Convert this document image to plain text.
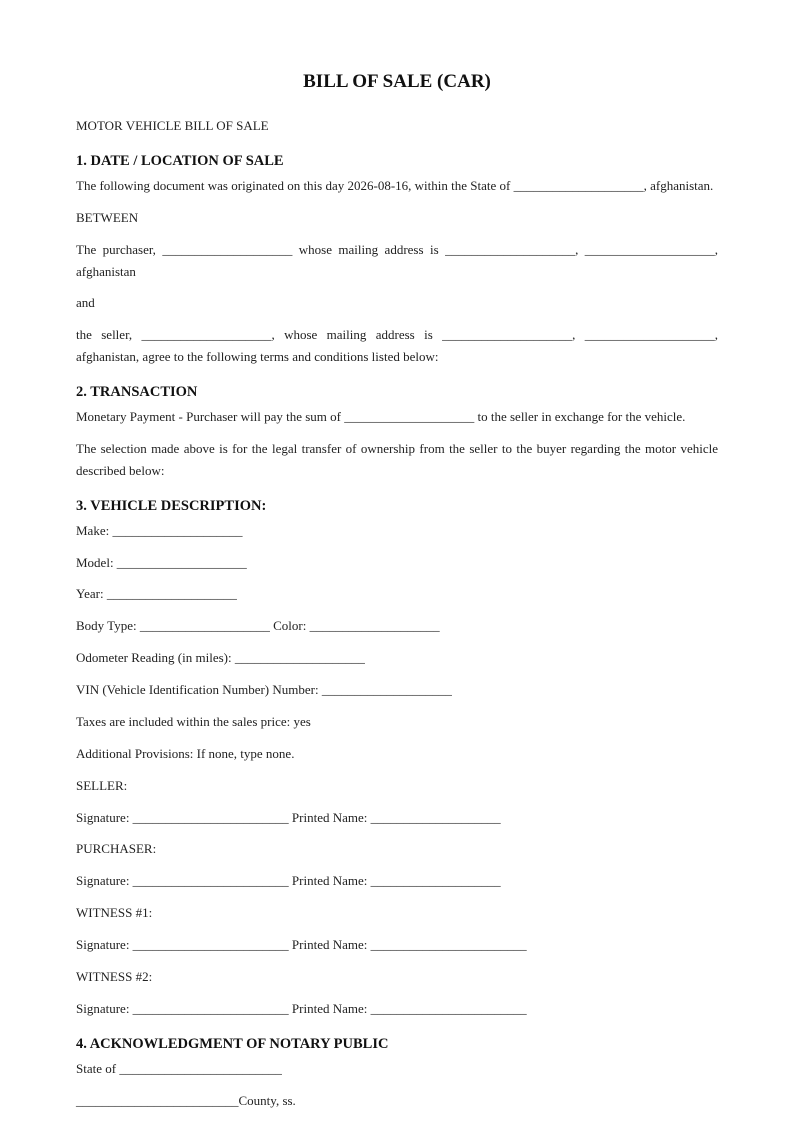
BILL OF SALE (CAR)
MOTOR VEHICLE BILL OF SALE
1. DATE / LOCATION OF SALE
The following document was originated on this day 2026-08-16, within the State of ____________________, afghanistan.
BETWEEN
The purchaser, ____________________ whose mailing address is ____________________, ____________________, afghanistan
and
the seller, ____________________, whose mailing address is ____________________, ____________________, afghanistan, agree to the following terms and conditions listed below:
2. TRANSACTION
Monetary Payment - Purchaser will pay the sum of ____________________ to the seller in exchange for the vehicle.
The selection made above is for the legal transfer of ownership from the seller to the buyer regarding the motor vehicle described below:
3. VEHICLE DESCRIPTION:
Make: ____________________
Model: ____________________
Year: ____________________
Body Type: ____________________ Color: ____________________
Odometer Reading (in miles): ____________________
VIN (Vehicle Identification Number) Number: ____________________
Taxes are included within the sales price: yes
Additional Provisions: If none, type none.
SELLER:
Signature: ________________________ Printed Name: ____________________
PURCHASER:
Signature: ________________________ Printed Name: ____________________
WITNESS #1:
Signature: ________________________ Printed Name: ________________________
WITNESS #2:
Signature: ________________________ Printed Name: ________________________
4. ACKNOWLEDGMENT OF NOTARY PUBLIC
State of _________________________
_________________________County, ss.
